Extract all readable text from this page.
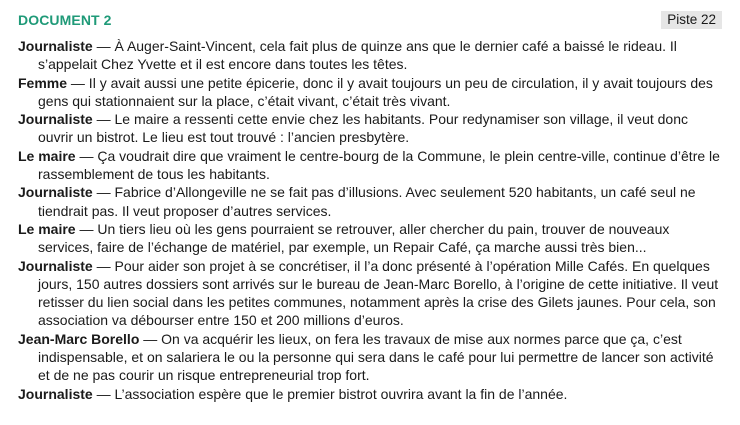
DOCUMENT 2	Piste 22

Journaliste — À Auger-Saint-Vincent, cela fait plus de quinze ans que le dernier café a baissé le rideau. Il s’appelait Chez Yvette et il est encore dans toutes les têtes.

Femme — Il y avait aussi une petite épicerie, donc il y avait toujours un peu de circulation, il y avait toujours des gens qui stationnaient sur la place, c’était vivant, c’était très vivant.

Journaliste — Le maire a ressenti cette envie chez les habitants. Pour redynamiser son village, il veut donc ouvrir un bistrot. Le lieu est tout trouvé : l’ancien presbytère.

Le maire — Ça voudrait dire que vraiment le centre-bourg de la Commune, le plein centre-ville, continue d’être le rassemblement de tous les habitants.

Journaliste — Fabrice d’Allongeville ne se fait pas d’illusions. Avec seulement 520 habitants, un café seul ne tiendrait pas. Il veut proposer d’autres services.

Le maire — Un tiers lieu où les gens pourraient se retrouver, aller chercher du pain, trouver de nouveaux services, faire de l’échange de matériel, par exemple, un Repair Café, ça marche aussi très bien...

Journaliste — Pour aider son projet à se concrétiser, il l’a donc présenté à l’opération Mille Cafés. En quelques jours, 150 autres dossiers sont arrivés sur le bureau de Jean-Marc Borello, à l’origine de cette initiative. Il veut retisser du lien social dans les petites communes, notamment après la crise des Gilets jaunes. Pour cela, son association va débourser entre 150 et 200 millions d’euros.

Jean-Marc Borello — On va acquérir les lieux, on fera les travaux de mise aux normes parce que ça, c’est indispensable, et on salariera le ou la personne qui sera dans le café pour lui permettre de lancer son activité et de ne pas courir un risque entrepreneurial trop fort.

Journaliste — L’association espère que le premier bistrot ouvrira avant la fin de l’année.
